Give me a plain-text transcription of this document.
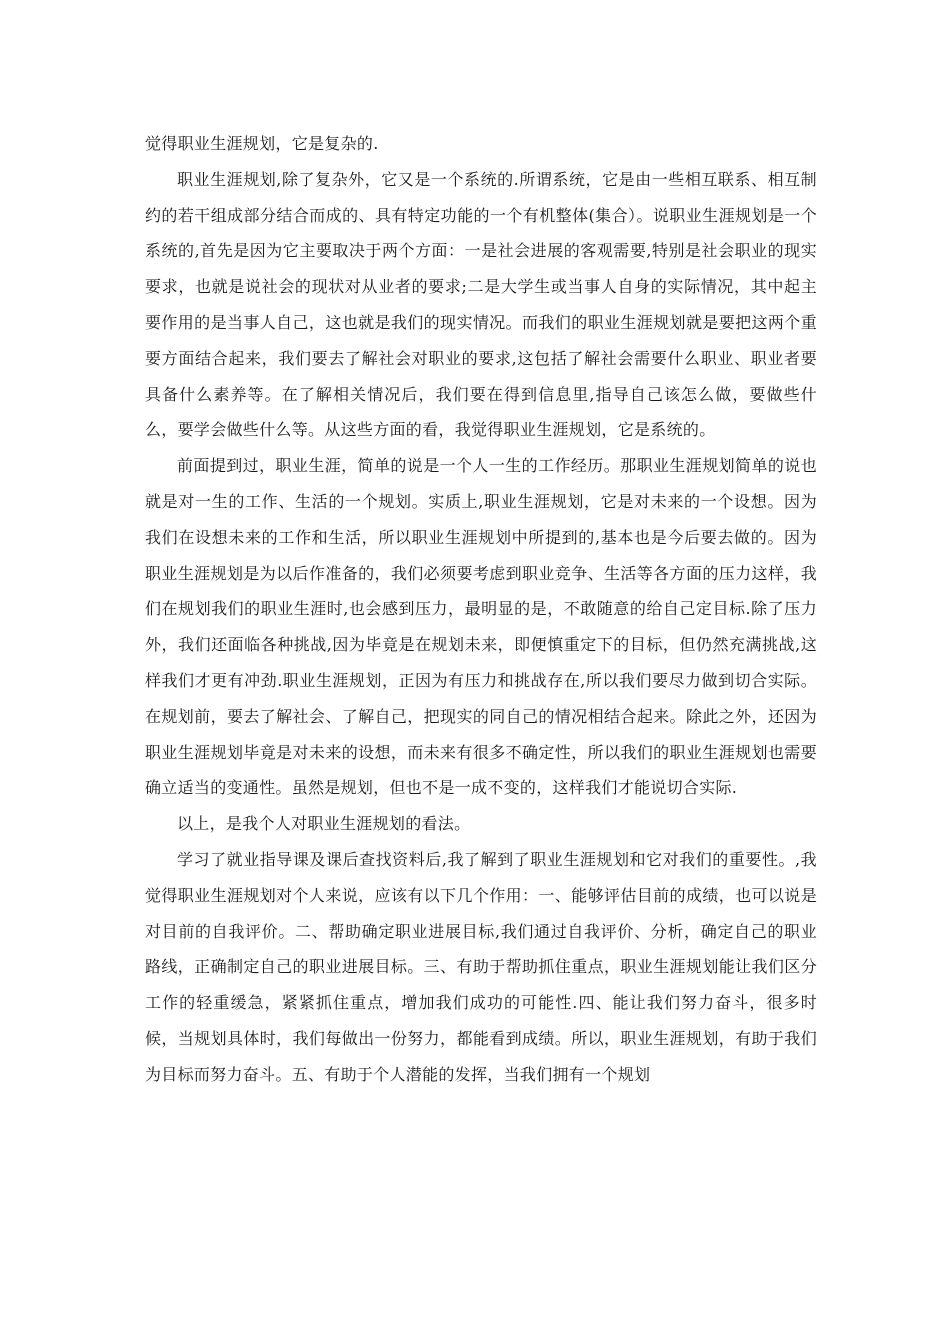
觉得职业生涯规划，它是复杂的.

职业生涯规划,除了复杂外，它又是一个系统的.所谓系统，它是由一些相互联系、相互制约的若干组成部分结合而成的、具有特定功能的一个有机整体(集合）。说职业生涯规划是一个系统的,首先是因为它主要取决于两个方面：一是社会进展的客观需要,特别是社会职业的现实要求，也就是说社会的现状对从业者的要求;二是大学生或当事人自身的实际情况，其中起主要作用的是当事人自己，这也就是我们的现实情况。而我们的职业生涯规划就是要把这两个重要方面结合起来，我们要去了解社会对职业的要求,这包括了解社会需要什么职业、职业者要具备什么素养等。在了解相关情况后，我们要在得到信息里,指导自己该怎么做，要做些什么，要学会做些什么等。从这些方面的看，我觉得职业生涯规划，它是系统的。

前面提到过，职业生涯，简单的说是一个人一生的工作经历。那职业生涯规划简单的说也就是对一生的工作、生活的一个规划。实质上,职业生涯规划，它是对未来的一个设想。因为我们在设想未来的工作和生活，所以职业生涯规划中所提到的,基本也是今后要去做的。因为职业生涯规划是为以后作准备的，我们必须要考虑到职业竞争、生活等各方面的压力这样，我们在规划我们的职业生涯时,也会感到压力，最明显的是，不敢随意的给自己定目标.除了压力外，我们还面临各种挑战,因为毕竟是在规划未来，即便慎重定下的目标，但仍然充满挑战,这样我们才更有冲劲.职业生涯规划，正因为有压力和挑战存在,所以我们要尽力做到切合实际。在规划前，要去了解社会、了解自己，把现实的同自己的情况相结合起来。除此之外，还因为职业生涯规划毕竟是对未来的设想，而未来有很多不确定性，所以我们的职业生涯规划也需要确立适当的变通性。虽然是规划，但也不是一成不变的，这样我们才能说切合实际.

以上，是我个人对职业生涯规划的看法。

学习了就业指导课及课后查找资料后,我了解到了职业生涯规划和它对我们的重要性。,我觉得职业生涯规划对个人来说，应该有以下几个作用：一、能够评估目前的成绩，也可以说是对目前的自我评价。二、帮助确定职业进展目标,我们通过自我评价、分析，确定自己的职业路线，正确制定自己的职业进展目标。三、有助于帮助抓住重点，职业生涯规划能让我们区分工作的轻重缓急，紧紧抓住重点，增加我们成功的可能性.四、能让我们努力奋斗，很多时候，当规划具体时，我们每做出一份努力，都能看到成绩。所以，职业生涯规划，有助于我们为目标而努力奋斗。五、有助于个人潜能的发挥，当我们拥有一个规划
